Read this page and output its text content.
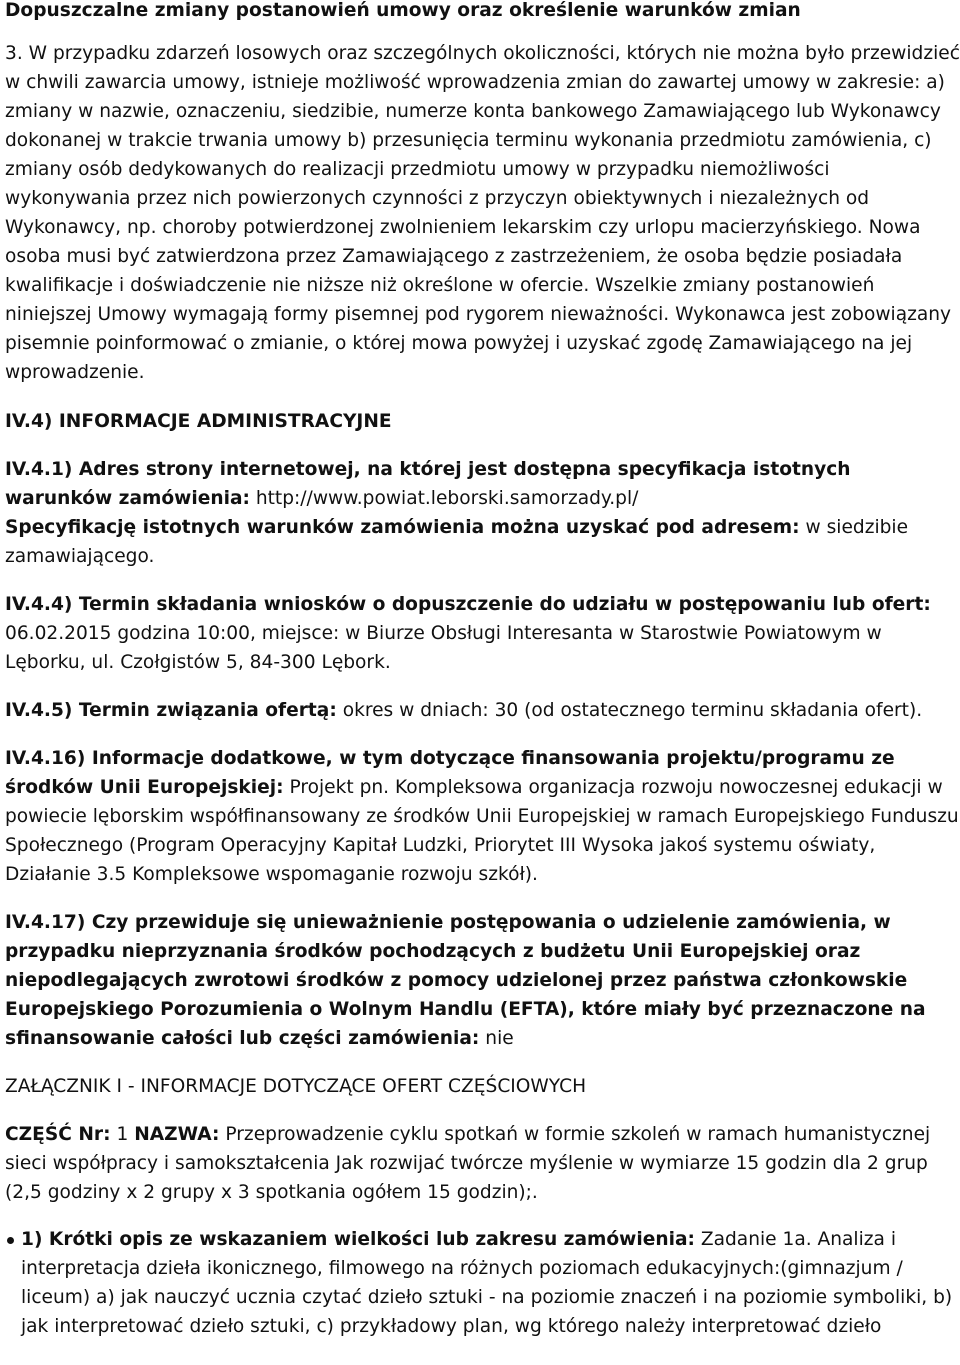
Dopuszczalne zmiany postanowień umowy oraz określenie warunków zmian

3. W przypadku zdarzeń losowych oraz szczególnych okoliczności, których nie można było przewidzieć w chwili zawarcia umowy, istnieje możliwość wprowadzenia zmian do zawartej umowy w zakresie: a) zmiany w nazwie, oznaczeniu, siedzibie, numerze konta bankowego Zamawiającego lub Wykonawcy dokonanej w trakcie trwania umowy b) przesunięcia terminu wykonania przedmiotu zamówienia, c) zmiany osób dedykowanych do realizacji przedmiotu umowy w przypadku niemożliwości wykonywania przez nich powierzonych czynności z przyczyn obiektywnych i niezależnych od Wykonawcy, np. choroby potwierdzonej zwolnieniem lekarskim czy urlopu macierzyńskiego. Nowa osoba musi być zatwierdzona przez Zamawiającego z zastrzeżeniem, że osoba będzie posiadała kwalifikacje i doświadczenie nie niższe niż określone w ofercie. Wszelkie zmiany postanowień niniejszej Umowy wymagają formy pisemnej pod rygorem nieważności. Wykonawca jest zobowiązany pisemnie poinformować o zmianie, o której mowa powyżej i uzyskać zgodę Zamawiającego na jej wprowadzenie.

IV.4) INFORMACJE ADMINISTRACYJNE

IV.4.1) Adres strony internetowej, na której jest dostępna specyfikacja istotnych warunków zamówienia: http://www.powiat.leborski.samorzady.pl/

Specyfikację istotnych warunków zamówienia można uzyskać pod adresem: w siedzibie zamawiającego.

IV.4.4) Termin składania wniosków o dopuszczenie do udziału w postępowaniu lub ofert: 06.02.2015 godzina 10:00, miejsce: w Biurze Obsługi Interesanta w Starostwie Powiatowym w Lęborku, ul. Czołgistów 5, 84-300 Lębork.

IV.4.5) Termin związania ofertą: okres w dniach: 30 (od ostatecznego terminu składania ofert).

IV.4.16) Informacje dodatkowe, w tym dotyczące finansowania projektu/programu ze środków Unii Europejskiej: Projekt pn. Kompleksowa organizacja rozwoju nowoczesnej edukacji w powiecie lęborskim współfinansowany ze środków Unii Europejskiej w ramach Europejskiego Funduszu Społecznego (Program Operacyjny Kapitał Ludzki, Priorytet III Wysoka jakoś systemu oświaty, Działanie 3.5 Kompleksowe wspomaganie rozwoju szkół).

IV.4.17) Czy przewiduje się unieważnienie postępowania o udzielenie zamówienia, w przypadku nieprzyznania środków pochodzących z budżetu Unii Europejskiej oraz niepodlegających zwrotowi środków z pomocy udzielonej przez państwa członkowskie Europejskiego Porozumienia o Wolnym Handlu (EFTA), które miały być przeznaczone na sfinansowanie całości lub części zamówienia: nie

ZAŁĄCZNIK I - INFORMACJE DOTYCZĄCE OFERT CZĘŚCIOWYCH

CZĘŚĆ Nr: 1 NAZWA: Przeprowadzenie cyklu spotkań w formie szkoleń w ramach humanistycznej sieci współpracy i samokształcenia Jak rozwijać twórcze myślenie w wymiarze 15 godzin dla 2 grup (2,5 godziny x 2 grupy x 3 spotkania ogółem 15 godzin);.

1) Krótki opis ze wskazaniem wielkości lub zakresu zamówienia: Zadanie 1a. Analiza i interpretacja dzieła ikonicznego, filmowego na różnych poziomach edukacyjnych:(gimnazjum / liceum) a) jak nauczyć ucznia czytać dzieło sztuki - na poziomie znaczeń i na poziomie symboliki, b) jak interpretować dzieło sztuki, c) przykładowy plan, wg którego należy interpretować dzieło
